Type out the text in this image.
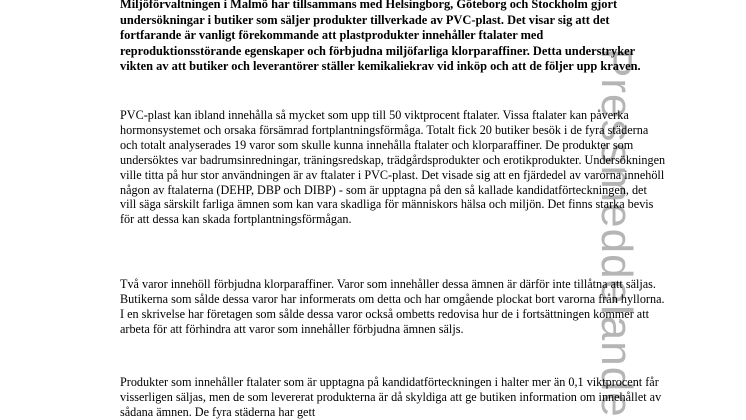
Pressmeddelande

Miljöförvaltningen i Malmö har tillsammans med Helsingborg, Göteborg och Stockholm gjort undersökningar i butiker som säljer produkter tillverkade av PVC-plast. Det visar sig att det fortfarande är vanligt förekommande att plastprodukter innehåller ftalater med reproduktionsstörande egenskaper och förbjudna miljöfarliga klorparaffiner. Detta understryker vikten av att butiker och leverantörer ställer kemikaliekrav vid inköp och att de följer upp kraven.

PVC-plast kan ibland innehålla så mycket som upp till 50 viktprocent ftalater. Vissa ftalater kan påverka hormonsystemet och orsaka försämrad fortplantningsförmåga. Totalt fick 20 butiker besök i de fyra städerna och totalt analyserades 19 varor som skulle kunna innehålla ftalater och klorparaffiner. De produkter som undersöktes var badrumsinredningar, träningsredskap, trädgårdsprodukter och erotikprodukter. Undersökningen ville titta på hur stor användningen är av ftalater i PVC-plast. Det visade sig att en fjärdedel av varorna innehöll någon av ftalaterna (DEHP, DBP och DIBP) - som är upptagna på den så kallade kandidatförteckningen, det vill säga särskilt farliga ämnen som kan vara skadliga för människors hälsa och miljön. Det finns starka bevis för att dessa kan skada fortplantningsförmågan.

Två varor innehöll förbjudna klorparaffiner. Varor som innehåller dessa ämnen är därför inte tillåtna att säljas. Butikerna som sålde dessa varor har informerats om detta och har omgående plockat bort varorna från hyllorna. I en skrivelse har företagen som sålde dessa varor också ombetts redovisa hur de i fortsättningen kommer att arbeta för att förhindra att varor som innehåller förbjudna ämnen säljs.

Produkter som innehåller ftalater som är upptagna på kandidatförteckningen i halter mer än 0,1 viktprocent får visserligen säljas, men de som levererat produkterna är då skyldiga att ge butiken information om innehållet av sådana ämnen. De fyra städerna har gett
